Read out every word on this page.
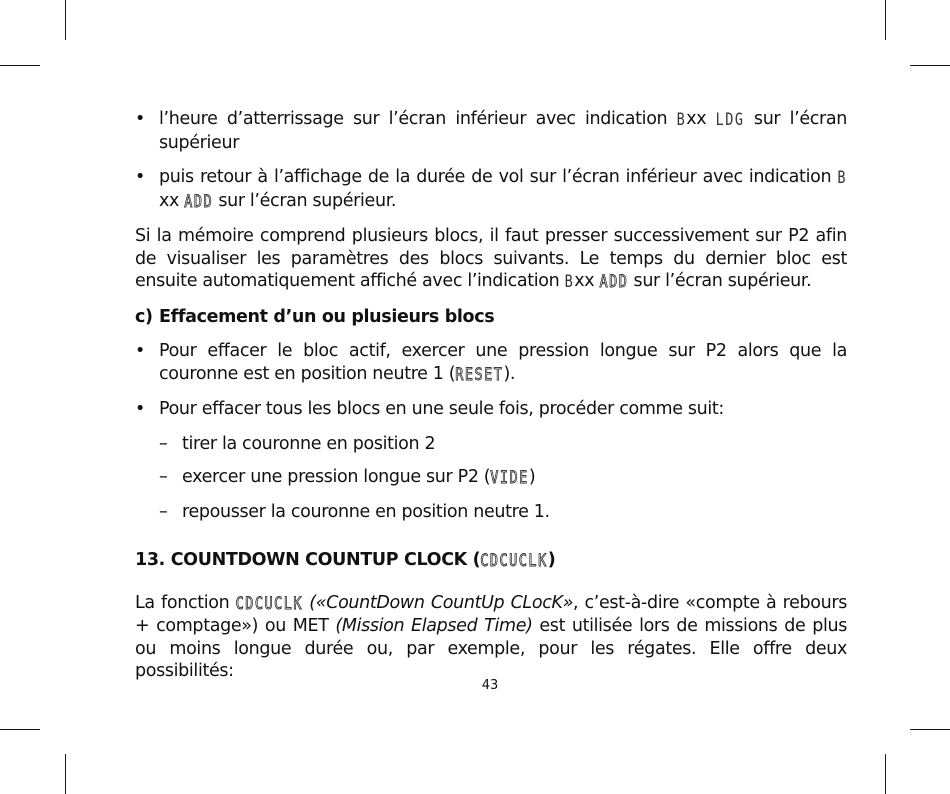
• l’heure d’atterrissage sur l’écran inférieur avec indication Bxx LDG sur l’écran supérieur
• puis retour à l’affichage de la durée de vol sur l’écran inférieur avec indication Bxx ADD sur l’écran supérieur.

Si la mémoire comprend plusieurs blocs, il faut presser successivement sur P2 afin de visualiser les paramètres des blocs suivants. Le temps du dernier bloc est ensuite automatiquement affiché avec l’indication Bxx ADD sur l’écran supérieur.

c) Effacement d’un ou plusieurs blocs
• Pour effacer le bloc actif, exercer une pression longue sur P2 alors que la couronne est en position neutre 1 (RESET).
• Pour effacer tous les blocs en une seule fois, procéder comme suit:
– tirer la couronne en position 2
– exercer une pression longue sur P2 (VIDE)
– repousser la couronne en position neutre 1.
13. COUNTDOWN COUNTUP CLOCK (CDCUCLK)

La fonction CDCUCLK («CountDown CountUp CLocK», c’est-à-dire «compte à rebours + comptage») ou MET (Mission Elapsed Time) est utilisée lors de missions de plus ou moins longue durée ou, par exemple, pour les régates. Elle offre deux possibilités:

43
